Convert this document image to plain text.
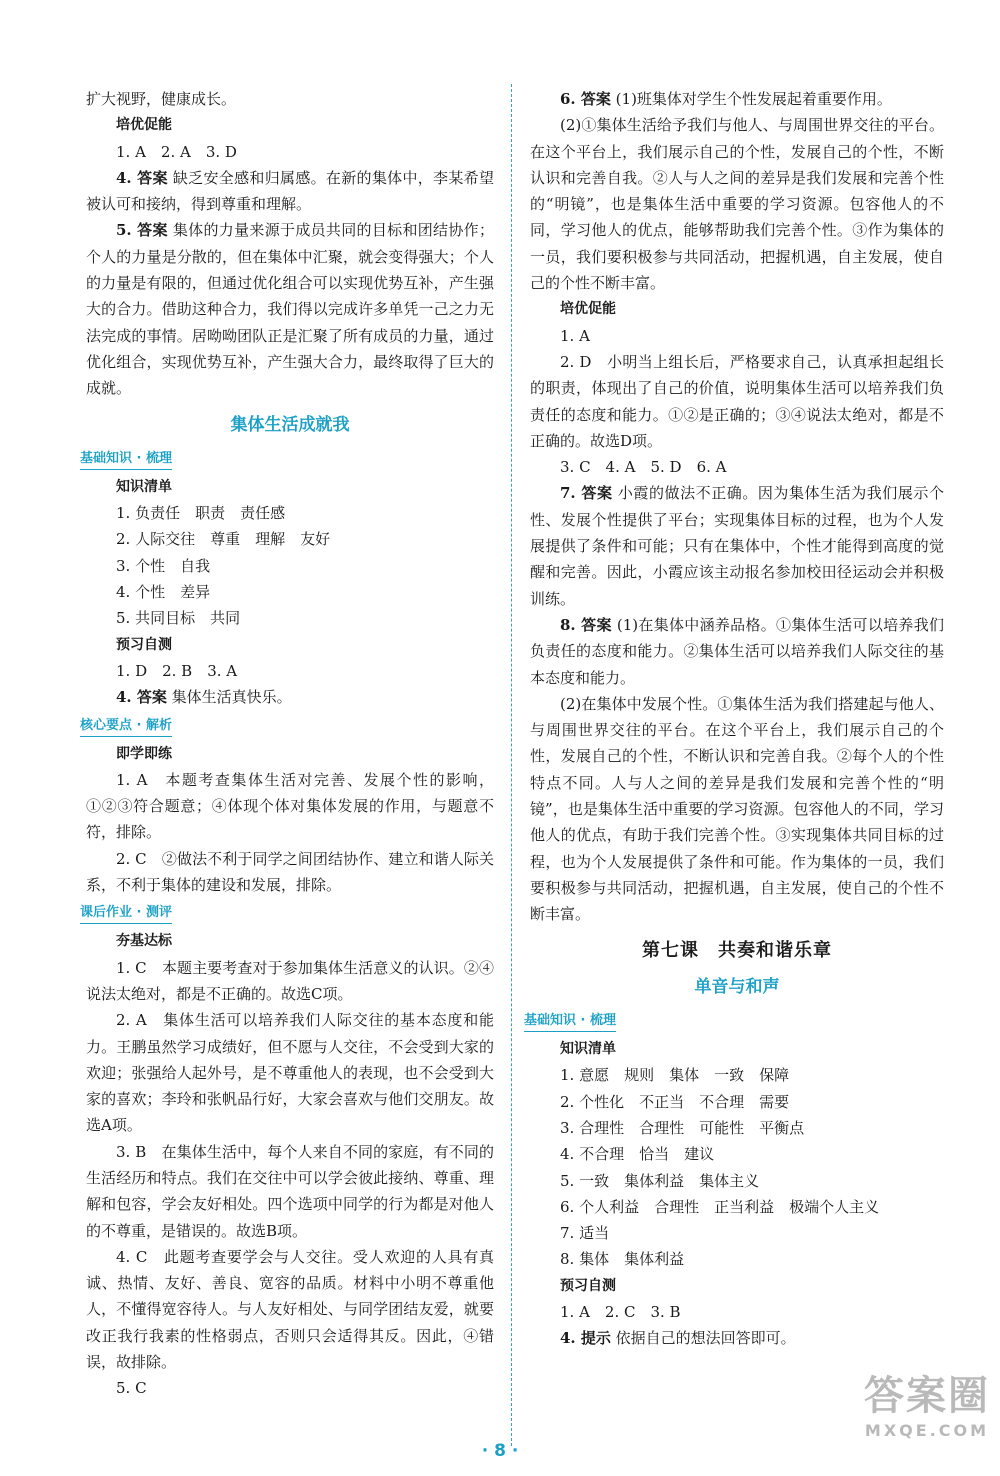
扩大视野，健康成长。

培优促能

1. A　2. A　3. D

4. 答案 缺乏安全感和归属感。在新的集体中，李某希望被认可和接纳，得到尊重和理解。

5. 答案 集体的力量来源于成员共同的目标和团结协作；个人的力量是分散的，但在集体中汇聚，就会变得强大；个人的力量是有限的，但通过优化组合可以实现优势互补，产生强大的合力。借助这种合力，我们得以完成许多单凭一己之力无法完成的事情。居呦呦团队正是汇聚了所有成员的力量，通过优化组合，实现优势互补，产生强大合力，最终取得了巨大的成就。

集体生活成就我
基础知识 · 梳理

知识清单

1. 负责任　职责　责任感

2. 人际交往　尊重　理解　友好

3. 个性　自我

4. 个性　差异

5. 共同目标　共同

预习自测

1. D　2. B　3. A

4. 答案 集体生活真快乐。

核心要点 · 解析

即学即练

1. A　本题考查集体生活对完善、发展个性的影响，①②③符合题意；④体现个体对集体发展的作用，与题意不符，排除。

2. C　②做法不利于同学之间团结协作、建立和谐人际关系，不利于集体的建设和发展，排除。

课后作业 · 测评

夯基达标

1. C　本题主要考查对于参加集体生活意义的认识。②④说法太绝对，都是不正确的。故选C项。

2. A　集体生活可以培养我们人际交往的基本态度和能力。王鹏虽然学习成绩好，但不愿与人交往，不会受到大家的欢迎；张强给人起外号，是不尊重他人的表现，也不会受到大家的喜欢；李玲和张帆品行好，大家会喜欢与他们交朋友。故选A项。

3. B　在集体生活中，每个人来自不同的家庭，有不同的生活经历和特点。我们在交往中可以学会彼此接纳、尊重、理解和包容，学会友好相处。四个选项中同学的行为都是对他人的不尊重，是错误的。故选B项。

4. C　此题考查要学会与人交往。受人欢迎的人具有真诚、热情、友好、善良、宽容的品质。材料中小明不尊重他人，不懂得宽容待人。与人友好相处、与同学团结友爱，就要改正我行我素的性格弱点，否则只会适得其反。因此，④错误，故排除。

5. C

6. 答案 (1)班集体对学生个性发展起着重要作用。

(2)①集体生活给予我们与他人、与周围世界交往的平台。在这个平台上，我们展示自己的个性，发展自己的个性，不断认识和完善自我。②人与人之间的差异是我们发展和完善个性的“明镜”，也是集体生活中重要的学习资源。包容他人的不同，学习他人的优点，能够帮助我们完善个性。③作为集体的一员，我们要积极参与共同活动，把握机遇，自主发展，使自己的个性不断丰富。

培优促能

1. A

2. D　小明当上组长后，严格要求自己，认真承担起组长的职责，体现出了自己的价值，说明集体生活可以培养我们负责任的态度和能力。①②是正确的；③④说法太绝对，都是不正确的。故选D项。

3. C　4. A　5. D　6. A

7. 答案 小霞的做法不正确。因为集体生活为我们展示个性、发展个性提供了平台；实现集体目标的过程，也为个人发展提供了条件和可能；只有在集体中，个性才能得到高度的觉醒和完善。因此，小霞应该主动报名参加校田径运动会并积极训练。

8. 答案 (1)在集体中涵养品格。①集体生活可以培养我们负责任的态度和能力。②集体生活可以培养我们人际交往的基本态度和能力。

(2)在集体中发展个性。①集体生活为我们搭建起与他人、与周围世界交往的平台。在这个平台上，我们展示自己的个性，发展自己的个性，不断认识和完善自我。②每个人的个性特点不同。人与人之间的差异是我们发展和完善个性的“明镜”，也是集体生活中重要的学习资源。包容他人的不同，学习他人的优点，有助于我们完善个性。③实现集体共同目标的过程，也为个人发展提供了条件和可能。作为集体的一员，我们要积极参与共同活动，把握机遇，自主发展，使自己的个性不断丰富。

第七课　共奏和谐乐章
单音与和声
基础知识 · 梳理

知识清单

1. 意愿　规则　集体　一致　保障

2. 个性化　不正当　不合理　需要

3. 合理性　合理性　可能性　平衡点

4. 不合理　恰当　建议

5. 一致　集体利益　集体主义

6. 个人利益　合理性　正当利益　极端个人主义

7. 适当

8. 集体　集体利益

预习自测

1. A　2. C　3. B

4. 提示 依据自己的想法回答即可。

答案圈
MXQE.COM
· 8 ·
